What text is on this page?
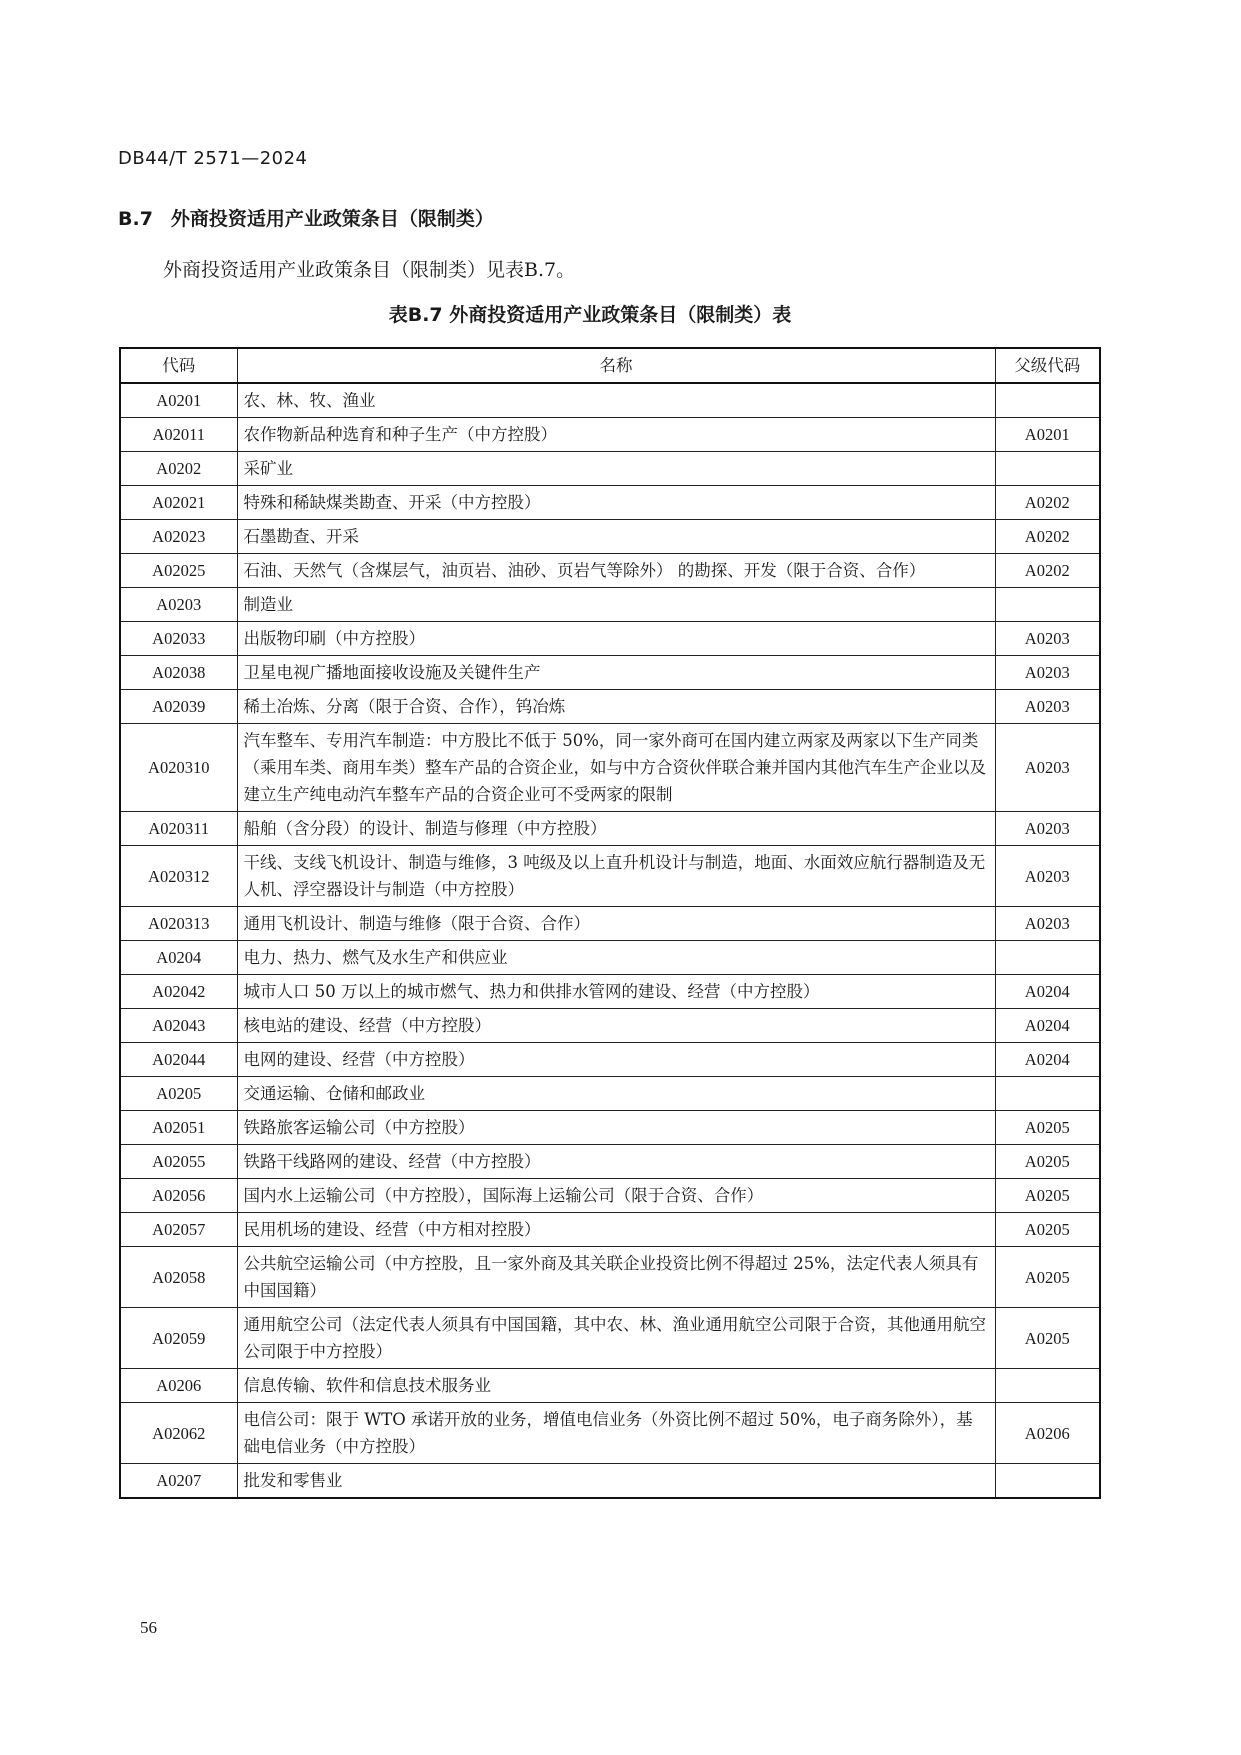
DB44/T 2571—2024
B.7 外商投资适用产业政策条目（限制类）
外商投资适用产业政策条目（限制类）见表B.7。
表B.7 外商投资适用产业政策条目（限制类）表
代码	名称	父级代码
A0201	农、林、牧、渔业	
A02011	农作物新品种选育和种子生产（中方控股）	A0201
A0202	采矿业	
A02021	特殊和稀缺煤类勘查、开采（中方控股）	A0202
A02023	石墨勘查、开采	A0202
A02025	石油、天然气（含煤层气，油页岩、油砂、页岩气等除外） 的勘探、开发（限于合资、合作）	A0202
A0203	制造业	
A02033	出版物印刷（中方控股）	A0203
A02038	卫星电视广播地面接收设施及关键件生产	A0203
A02039	稀土冶炼、分离（限于合资、合作），钨冶炼	A0203
A020310	汽车整车、专用汽车制造：中方股比不低于 50%，同一家外商可在国内建立两家及两家以下生产同类（乘用车类、商用车类）整车产品的合资企业，如与中方合资伙伴联合兼并国内其他汽车生产企业以及建立生产纯电动汽车整车产品的合资企业可不受两家的限制	A0203
A020311	船舶（含分段）的设计、制造与修理（中方控股）	A0203
A020312	干线、支线飞机设计、制造与维修，3 吨级及以上直升机设计与制造，地面、水面效应航行器制造及无人机、浮空器设计与制造（中方控股）	A0203
A020313	通用飞机设计、制造与维修（限于合资、合作）	A0203
A0204	电力、热力、燃气及水生产和供应业	
A02042	城市人口 50 万以上的城市燃气、热力和供排水管网的建设、经营（中方控股）	A0204
A02043	核电站的建设、经营（中方控股）	A0204
A02044	电网的建设、经营（中方控股）	A0204
A0205	交通运输、仓储和邮政业	
A02051	铁路旅客运输公司（中方控股）	A0205
A02055	铁路干线路网的建设、经营（中方控股）	A0205
A02056	国内水上运输公司（中方控股），国际海上运输公司（限于合资、合作）	A0205
A02057	民用机场的建设、经营（中方相对控股）	A0205
A02058	公共航空运输公司（中方控股，且一家外商及其关联企业投资比例不得超过 25%，法定代表人须具有中国国籍）	A0205
A02059	通用航空公司（法定代表人须具有中国国籍，其中农、林、渔业通用航空公司限于合资，其他通用航空公司限于中方控股）	A0205
A0206	信息传输、软件和信息技术服务业	
A02062	电信公司：限于 WTO 承诺开放的业务，增值电信业务（外资比例不超过 50%，电子商务除外），基础电信业务（中方控股）	A0206
A0207	批发和零售业	
56
